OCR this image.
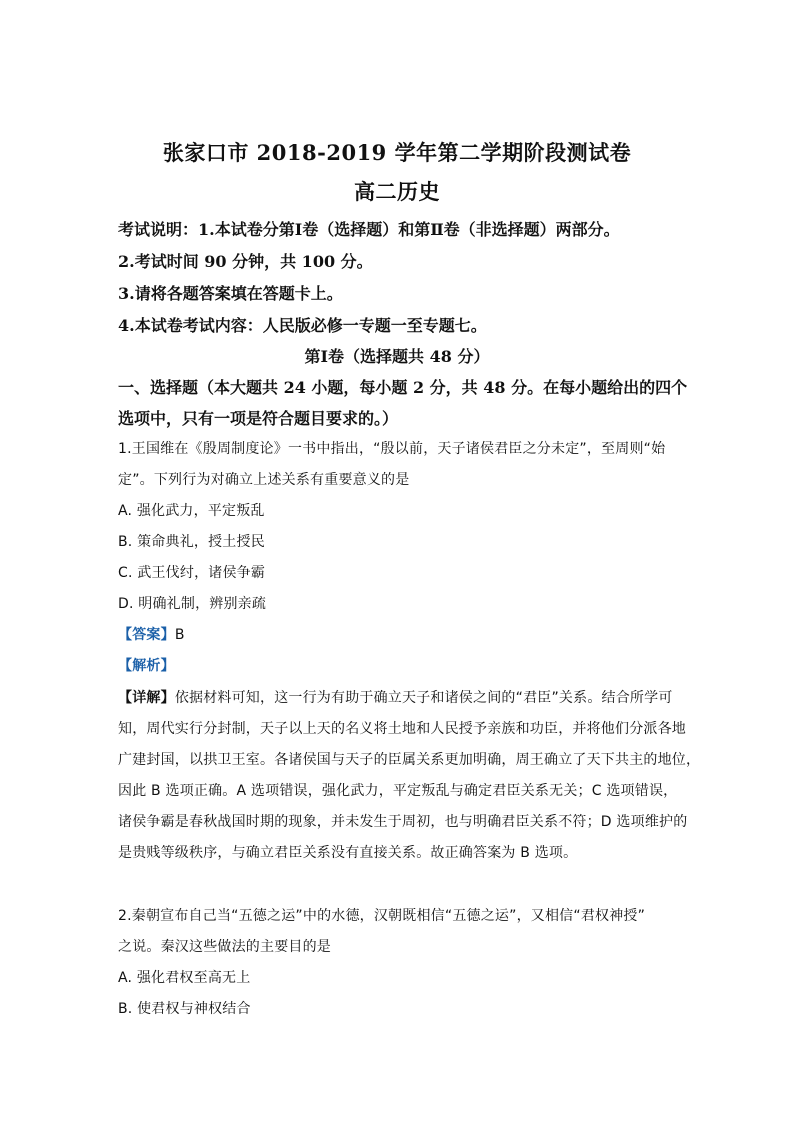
张家口市 2018-2019 学年第二学期阶段测试卷
高二历史
考试说明：1.本试卷分第Ⅰ卷（选择题）和第Ⅱ卷（非选择题）两部分。
2.考试时间 90 分钟，共 100 分。
3.请将各题答案填在答题卡上。
4.本试卷考试内容：人民版必修一专题一至专题七。
第Ⅰ卷（选择题共 48 分）
一、选择题（本大题共 24 小题，每小题 2 分，共 48 分。在每小题给出的四个
选项中，只有一项是符合题目要求的。）
1.王国维在《殷周制度论》一书中指出，“殷以前，天子诸侯君臣之分未定”，至周则“始
定”。下列行为对确立上述关系有重要意义的是
A. 强化武力，平定叛乱
B. 策命典礼，授土授民
C. 武王伐纣，诸侯争霸
D. 明确礼制，辨别亲疏
【答案】B
【解析】
【详解】依据材料可知，这一行为有助于确立天子和诸侯之间的“君臣”关系。结合所学可
知，周代实行分封制，天子以上天的名义将土地和人民授予亲族和功臣，并将他们分派各地
广建封国，以拱卫王室。各诸侯国与天子的臣属关系更加明确，周王确立了天下共主的地位，
因此 B 选项正确。A 选项错误，强化武力，平定叛乱与确定君臣关系无关；C 选项错误，
诸侯争霸是春秋战国时期的现象，并未发生于周初，也与明确君臣关系不符；D 选项维护的
是贵贱等级秩序，与确立君臣关系没有直接关系。故正确答案为 B 选项。
2.秦朝宣布自己当“五德之运”中的水德，汉朝既相信“五德之运”，又相信“君权神授”
之说。秦汉这些做法的主要目的是
A. 强化君权至高无上
B. 使君权与神权结合
